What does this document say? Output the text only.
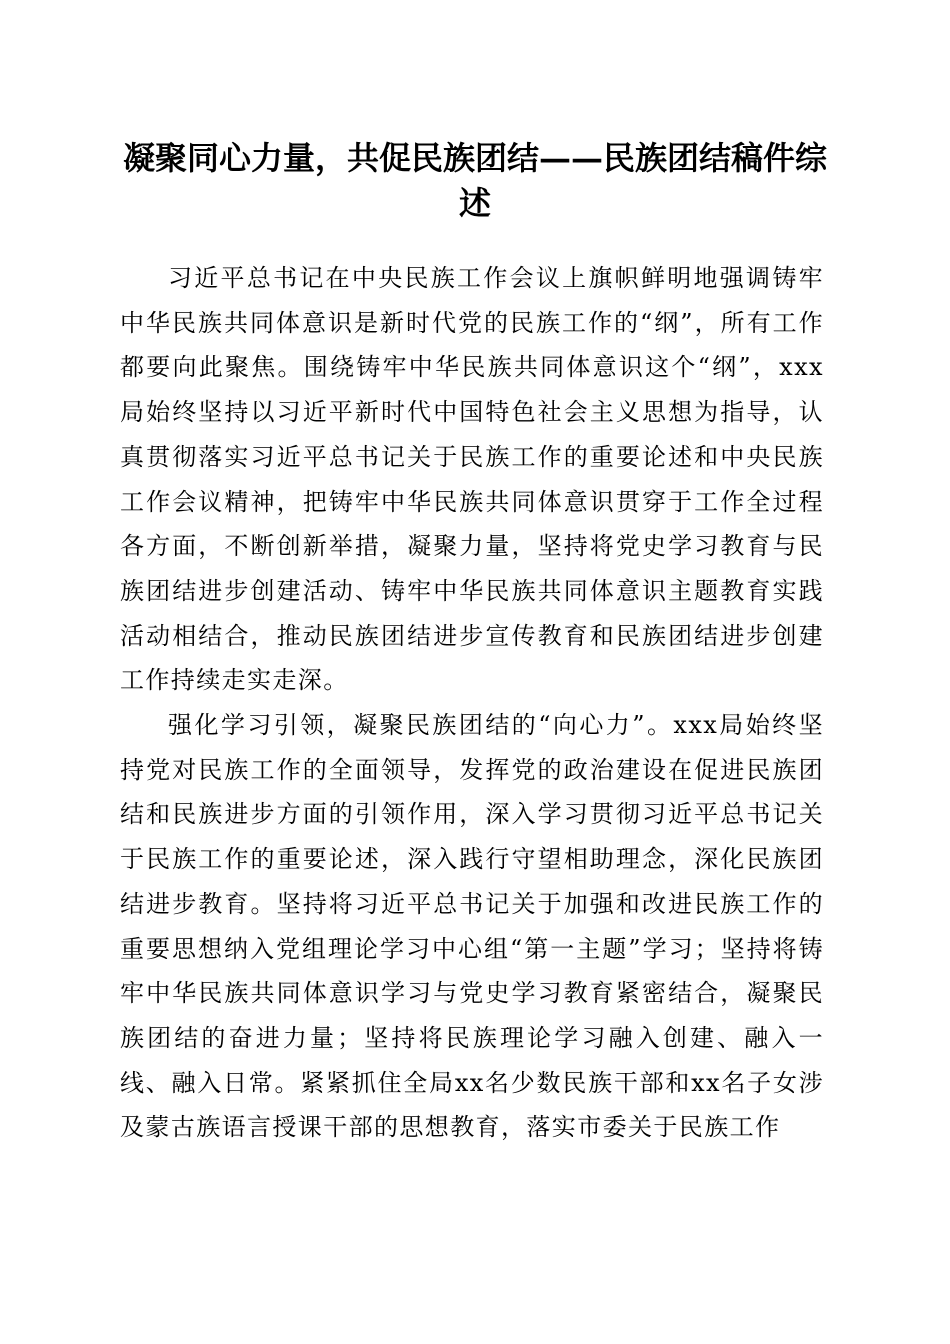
凝聚同心力量，共促民族团结——民族团结稿件综述

习近平总书记在中央民族工作会议上旗帜鲜明地强调铸牢中华民族共同体意识是新时代党的民族工作的“纲”，所有工作都要向此聚焦。围绕铸牢中华民族共同体意识这个“纲”，xxx局始终坚持以习近平新时代中国特色社会主义思想为指导，认真贯彻落实习近平总书记关于民族工作的重要论述和中央民族工作会议精神，把铸牢中华民族共同体意识贯穿于工作全过程各方面，不断创新举措，凝聚力量，坚持将党史学习教育与民族团结进步创建活动、铸牢中华民族共同体意识主题教育实践活动相结合，推动民族团结进步宣传教育和民族团结进步创建工作持续走实走深。

强化学习引领，凝聚民族团结的“向心力”。xxx局始终坚持党对民族工作的全面领导，发挥党的政治建设在促进民族团结和民族进步方面的引领作用，深入学习贯彻习近平总书记关于民族工作的重要论述，深入践行守望相助理念，深化民族团结进步教育。坚持将习近平总书记关于加强和改进民族工作的重要思想纳入党组理论学习中心组“第一主题”学习；坚持将铸牢中华民族共同体意识学习与党史学习教育紧密结合，凝聚民族团结的奋进力量；坚持将民族理论学习融入创建、融入一线、融入日常。紧紧抓住全局xx名少数民族干部和xx名子女涉及蒙古族语言授课干部的思想教育，落实市委关于民族工作
